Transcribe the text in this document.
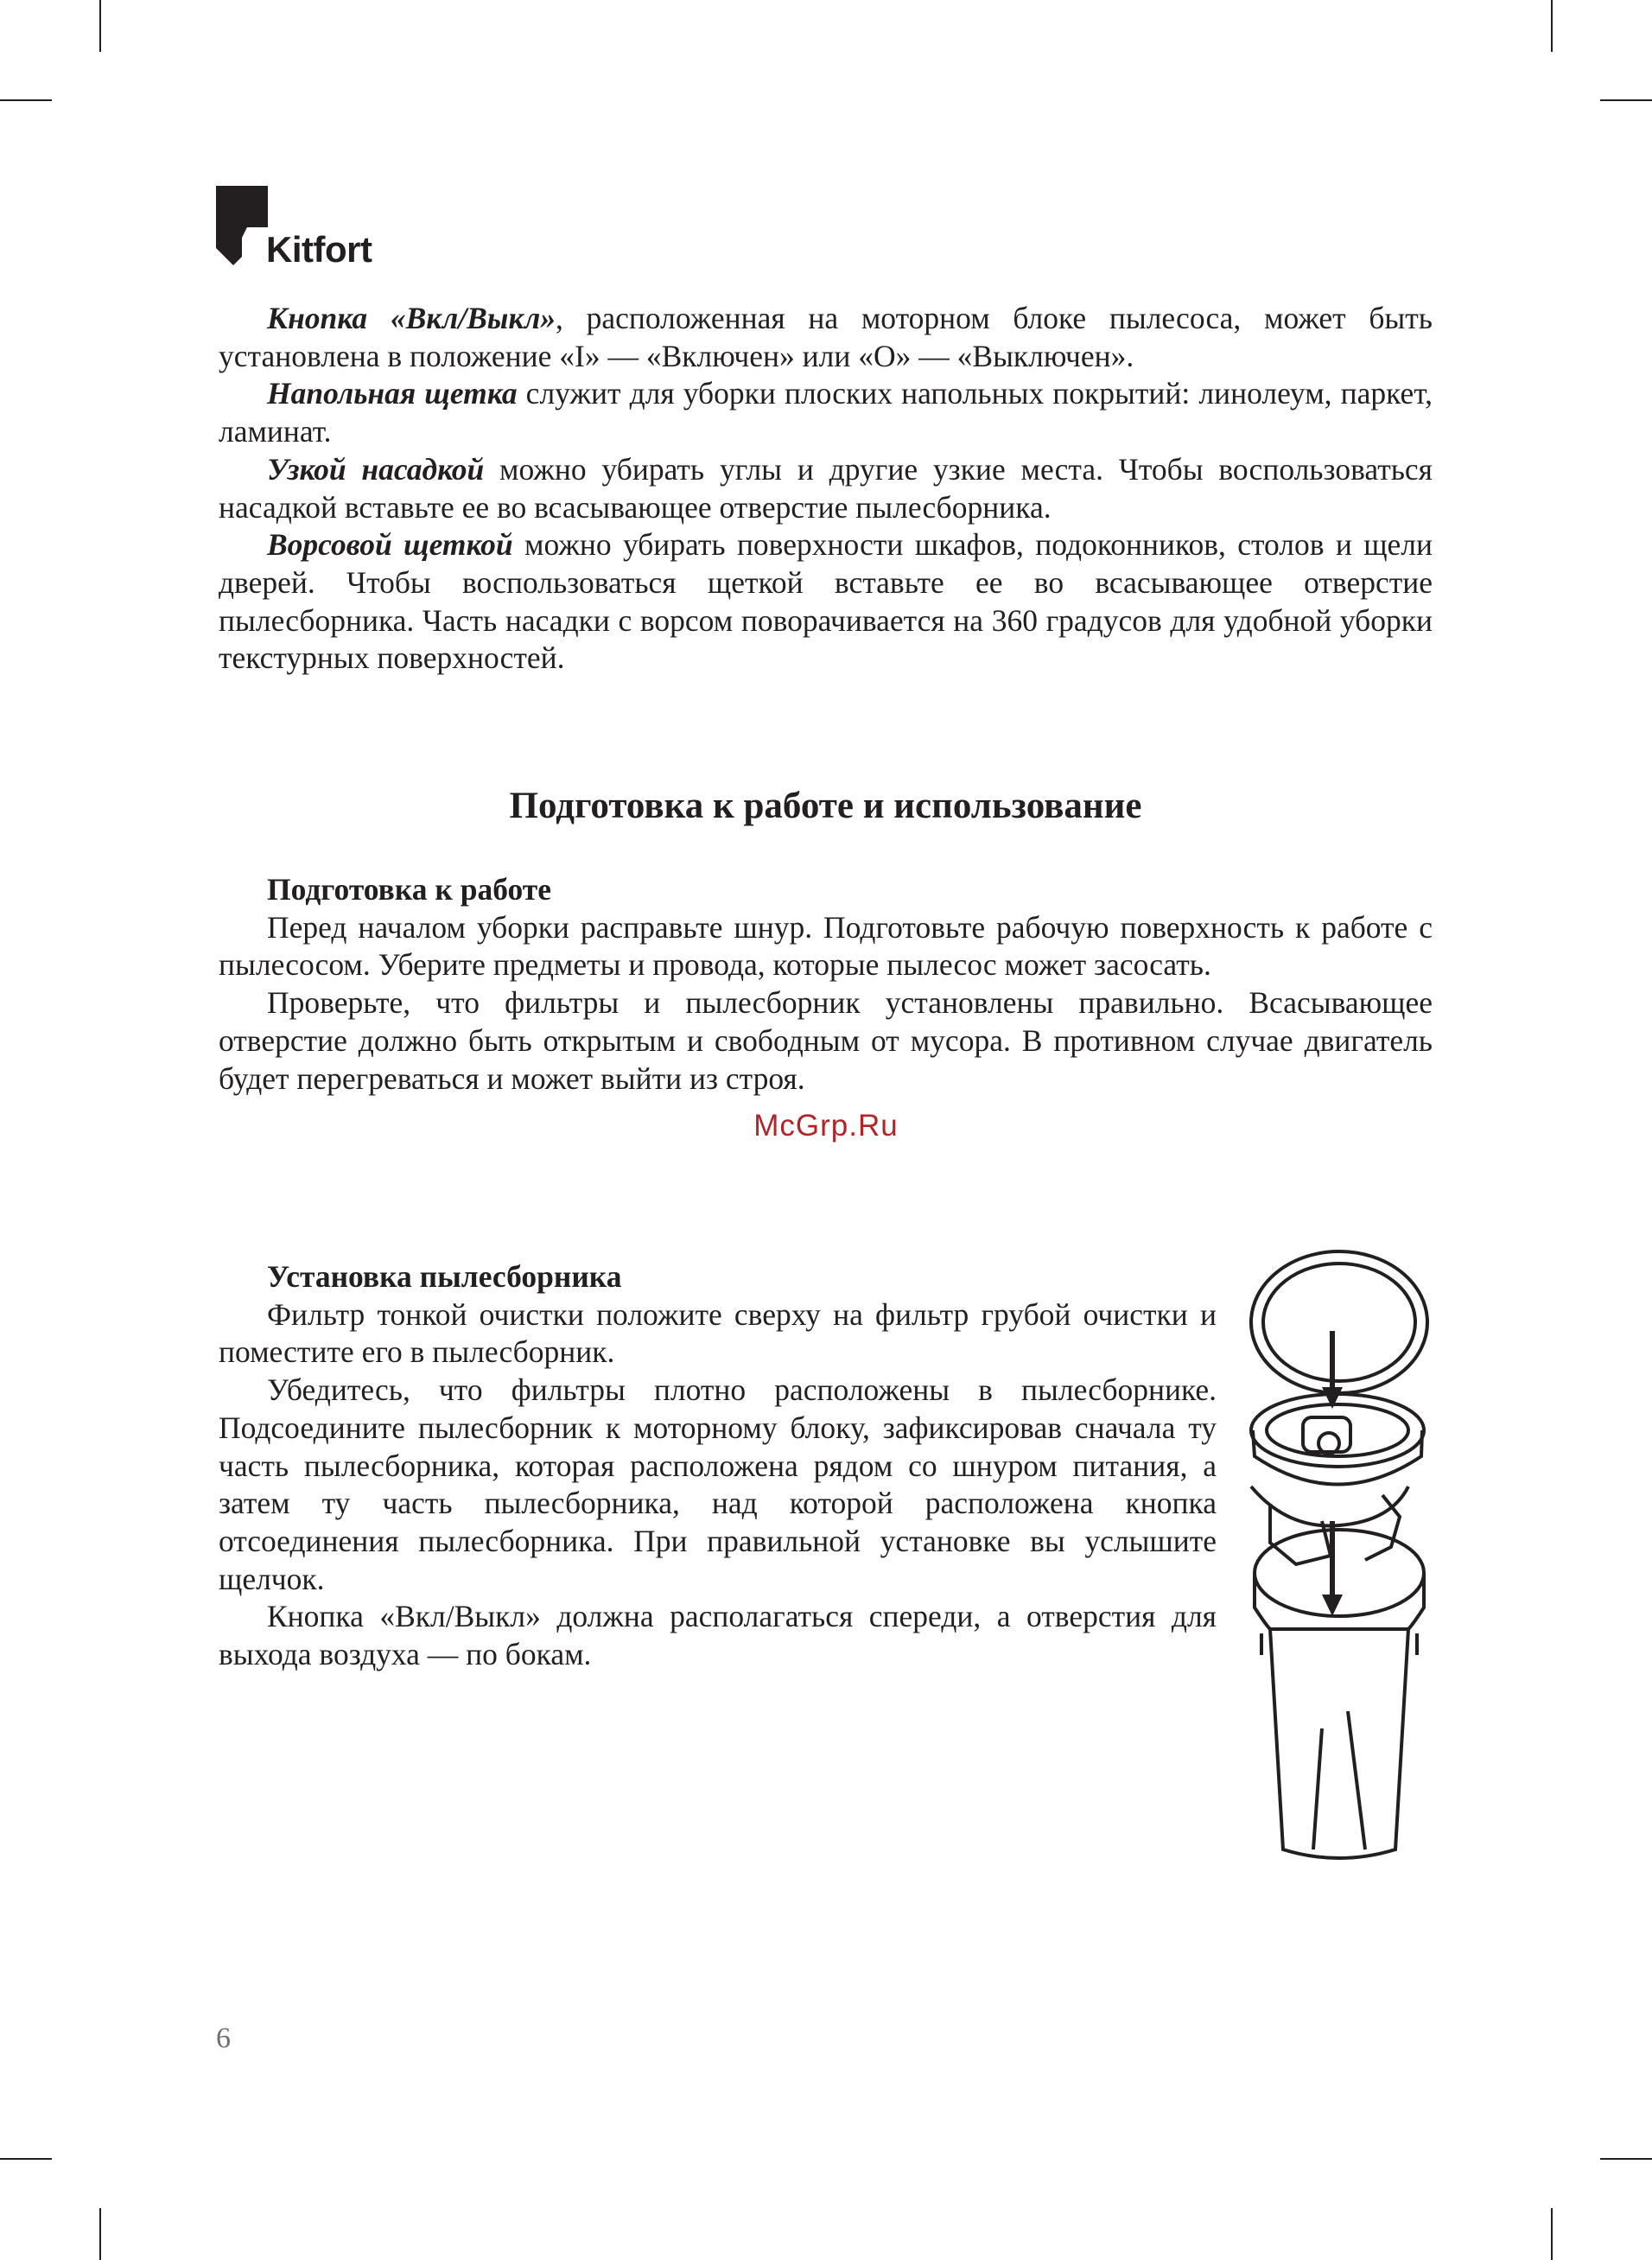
Kitfort

Кнопка «Вкл/Выкл», расположенная на моторном блоке пылесоса, может быть установлена в положение «I» — «Включен» или «O» — «Выключен».

Напольная щетка служит для уборки плоских напольных покрытий: линолеум, паркет, ламинат.

Узкой насадкой можно убирать углы и другие узкие места. Чтобы воспользоваться насадкой вставьте ее во всасывающее отверстие пылесборника.

Ворсовой щеткой можно убирать поверхности шкафов, подоконников, столов и щели дверей. Чтобы воспользоваться щеткой вставьте ее во всасывающее отверстие пылесборника. Часть насадки с ворсом поворачивается на 360 градусов для удобной уборки текстурных поверхностей.

Подготовка к работе и использование

Подготовка к работе

Перед началом уборки расправьте шнур. Подготовьте рабочую поверхность к работе с пылесосом. Уберите предметы и провода, которые пылесос может засосать.

Проверьте, что фильтры и пылесборник установлены правильно. Всасывающее отверстие должно быть открытым и свободным от мусора. В противном случае двигатель будет перегреваться и может выйти из строя.

McGrp.Ru

Установка пылесборника

Фильтр тонкой очистки положите сверху на фильтр грубой очистки и поместите его в пылесборник.

Убедитесь, что фильтры плотно расположены в пылесборнике. Подсоедините пылесборник к моторному блоку, зафиксировав сначала ту часть пылесборника, которая расположена рядом со шнуром питания, а затем ту часть пылесборника, над которой расположена кнопка отсоединения пылесборника. При правильной установке вы услышите щелчок.

Кнопка «Вкл/Выкл» должна располагаться спереди, а отверстия для выхода воздуха — по бокам.

6
